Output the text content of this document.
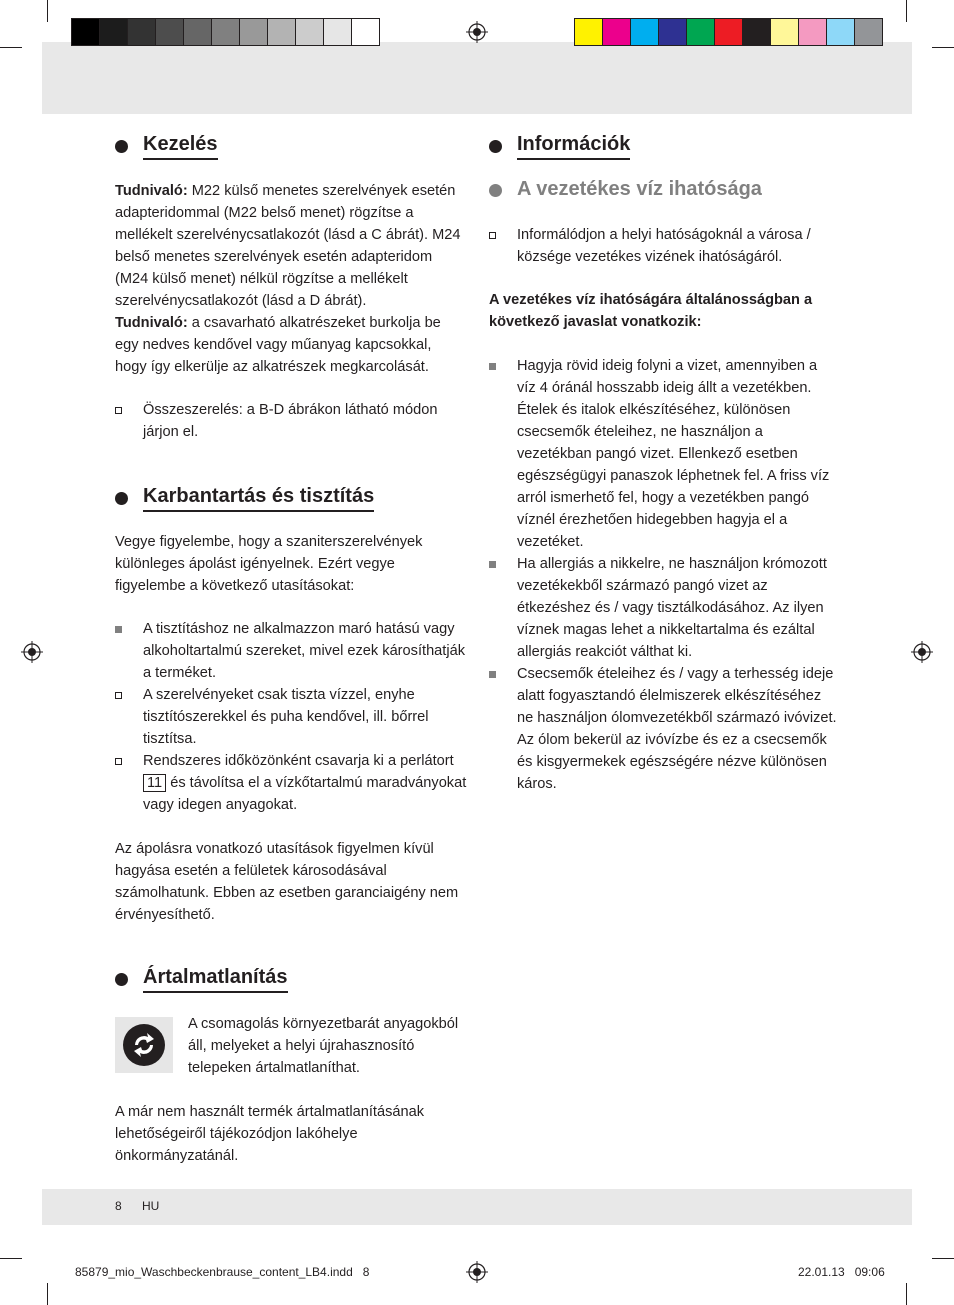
Kezelés

Tudnivaló: M22 külső menetes szerelvények esetén adapteridommal (M22 belső menet) rögzítse a mellékelt szerelvénycsatlakozót (lásd a C ábrát). M24 belső menetes szerelvények esetén adapteridom (M24 külső menet) nélkül rögzítse a mellékelt szerelvénycsatlakozót (lásd a D ábrát).

Tudnivaló: a csavarható alkatrészeket burkolja be egy nedves kendővel vagy műanyag kapcsokkal, hogy így elkerülje az alkatrészek megkarcolását.

Összeszerelés: a B-D ábrákon látható módon járjon el.
Karbantartás és tisztítás

Vegye figyelembe, hogy a szaniterszerelvények különleges ápolást igényelnek. Ezért vegye figyelembe a következő utasításokat:

A tisztításhoz ne alkalmazzon maró hatású vagy alkoholtartalmú szereket, mivel ezek károsíthatják a terméket.
A szerelvényeket csak tiszta vízzel, enyhe tisztítószerekkel és puha kendővel, ill. bőrrel tisztítsa.
Rendszeres időközönként csavarja ki a perlátort 11 és távolítsa el a vízkőtartalmú maradványokat vagy idegen anyagokat.

Az ápolásra vonatkozó utasítások figyelmen kívül hagyása esetén a felületek károsodásával számolhatunk. Ebben az esetben garanciaigény nem érvényesíthető.

Ártalmatlanítás

A csomagolás környezetbarát anyagokból áll, melyeket a helyi újrahasznosító telepeken ártalmatlaníthat.

A már nem használt termék ártalmatlanításának lehetőségeiről tájékozódjon lakóhelye önkormányzatánál.

Információk
A vezetékes víz ihatósága
Informálódjon a helyi hatóságoknál a városa / községe vezetékes vizének ihatóságáról.

A vezetékes víz ihatóságára általánosságban a következő javaslat vonatkozik:

Hagyja rövid ideig folyni a vizet, amennyiben a víz 4 óránál hosszabb ideig állt a vezetékben. Ételek és italok elkészítéséhez, különösen csecsemők ételeihez, ne használjon a vezetékban pangó vizet. Ellenkező esetben egészségügyi panaszok léphetnek fel. A friss víz arról ismerhető fel, hogy a vezetékben pangó víznél érezhetően hidegebben hagyja el a vezetéket.
Ha allergiás a nikkelre, ne használjon krómozott vezetékekből származó pangó vizet az étkezéshez és / vagy tisztálkodásához. Az ilyen víznek magas lehet a nikkeltartalma és ezáltal allergiás reakciót válthat ki.
Csecsemők ételeihez és / vagy a terhesség ideje alatt fogyasztandó élelmiszerek elkészítéséhez ne használjon ólomvezetékből származó ivóvizet. Az ólom bekerül az ivóvízbe és ez a csecsemők és kisgyermekek egészségére nézve különösen káros.
8 HU
85879_mio_Waschbeckenbrause_content_LB4.indd   8	22.01.13   09:06
